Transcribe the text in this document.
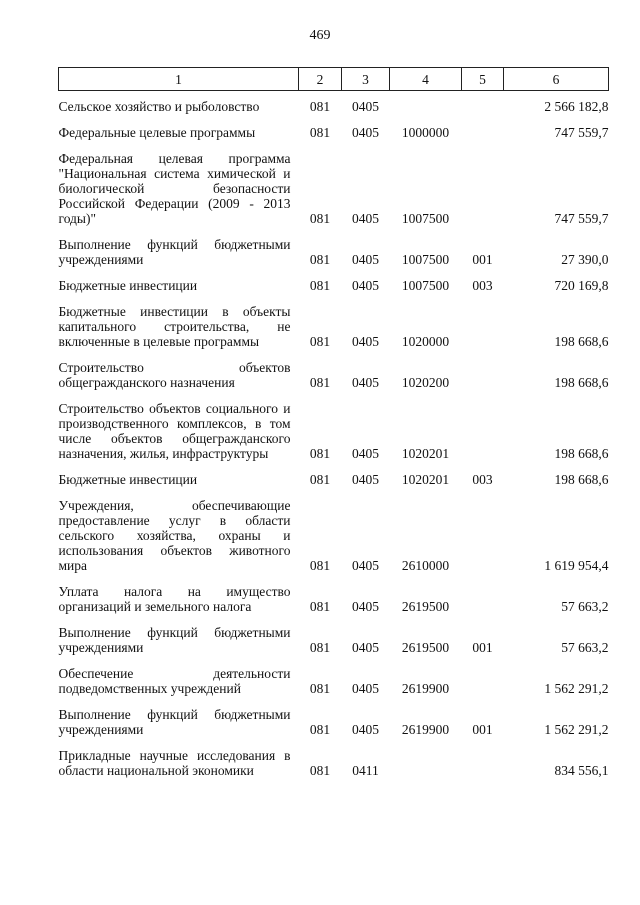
469
1	2	3	4	5	6
Сельское хозяйство и рыболовство	081	0405			2 566 182,8
Федеральные целевые программы	081	0405	1000000		747 559,7
Федеральная целевая программа "Национальная система химической и биологической безопасности Российской Федерации (2009 - 2013 годы)"	081	0405	1007500		747 559,7
Выполнение функций бюджетными учреждениями	081	0405	1007500	001	27 390,0
Бюджетные инвестиции	081	0405	1007500	003	720 169,8
Бюджетные инвестиции в объекты капитального строительства, не включенные в целевые программы	081	0405	1020000		198 668,6
Строительство объектов общегражданского назначения	081	0405	1020200		198 668,6
Строительство объектов социального и производственного комплексов, в том числе объектов общегражданского назначения, жилья, инфраструктуры	081	0405	1020201		198 668,6
Бюджетные инвестиции	081	0405	1020201	003	198 668,6
Учреждения, обеспечивающие предоставление услуг в области сельского хозяйства, охраны и использования объектов животного мира	081	0405	2610000		1 619 954,4
Уплата налога на имущество организаций и земельного налога	081	0405	2619500		57 663,2
Выполнение функций бюджетными учреждениями	081	0405	2619500	001	57 663,2
Обеспечение деятельности подведомственных учреждений	081	0405	2619900		1 562 291,2
Выполнение функций бюджетными учреждениями	081	0405	2619900	001	1 562 291,2
Прикладные научные исследования в области национальной экономики	081	0411			834 556,1
